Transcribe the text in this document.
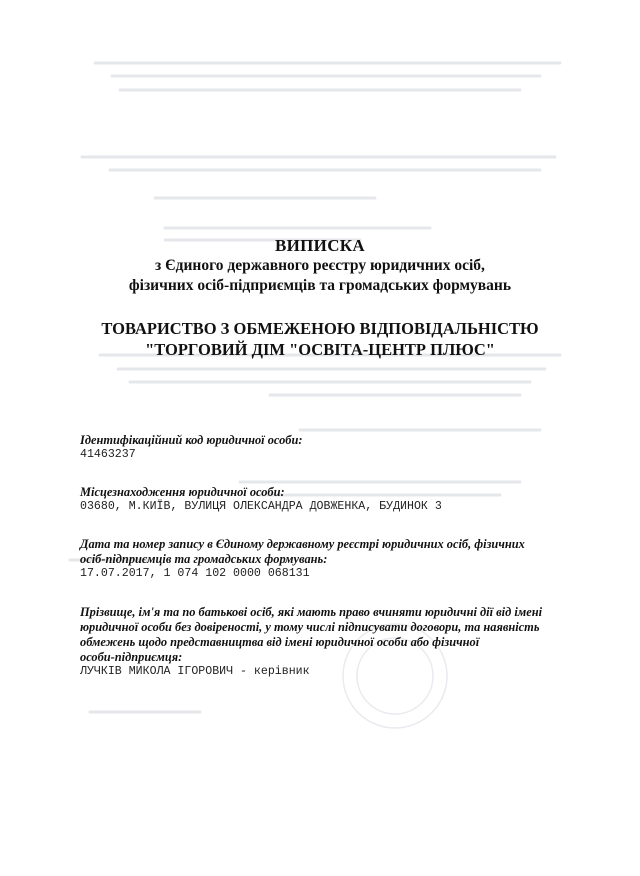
ВИПИСКА
з Єдиного державного реєстру юридичних осіб,
фізичних осіб-підприємців та громадських формувань
ТОВАРИСТВО З ОБМЕЖЕНОЮ ВІДПОВІДАЛЬНІСТЮ
"ТОРГОВИЙ ДІМ "ОСВІТА-ЦЕНТР ПЛЮС"
Ідентифікаційний код юридичної особи:
41463237
Місцезнаходження юридичної особи:
03680, М.КИЇВ, ВУЛИЦЯ ОЛЕКСАНДРА ДОВЖЕНКА, БУДИНОК 3
Дата та номер запису в Єдиному державному реєстрі юридичних осіб, фізичних
осіб-підприємців та громадських формувань:
17.07.2017, 1 074 102 0000 068131
Прізвище, ім'я та по батькові осіб, які мають право вчиняти юридичні дії від імені
юридичної особи без довіреності, у тому числі підписувати договори, та наявність
обмежень щодо представництва від імені юридичної особи або фізичної
особи-підприємця:
ЛУЧКІВ МИКОЛА ІГОРОВИЧ - керівник
